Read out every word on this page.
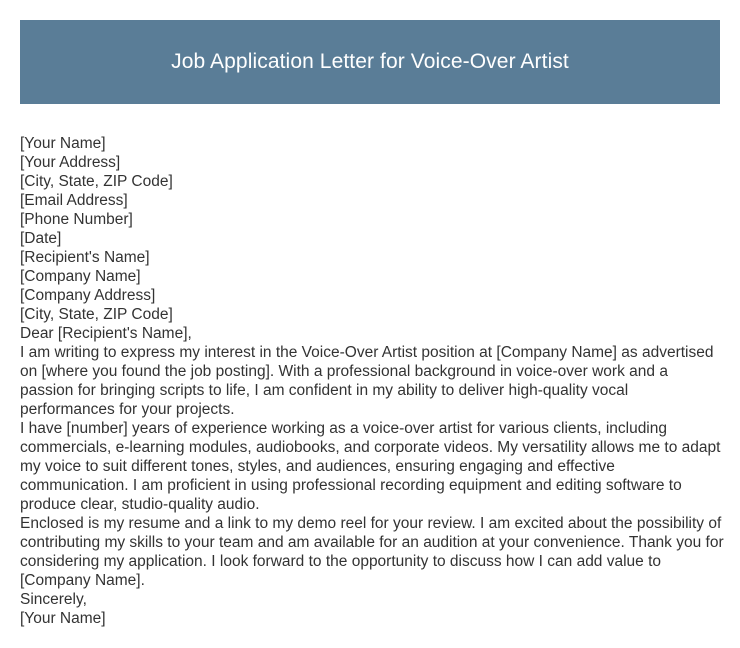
Job Application Letter for Voice-Over Artist
[Your Name]
[Your Address]
[City, State, ZIP Code]
[Email Address]
[Phone Number]
[Date]
[Recipient's Name]
[Company Name]
[Company Address]
[City, State, ZIP Code]
Dear [Recipient's Name],
I am writing to express my interest in the Voice-Over Artist position at [Company Name] as advertised on [where you found the job posting]. With a professional background in voice-over work and a passion for bringing scripts to life, I am confident in my ability to deliver high-quality vocal performances for your projects.
I have [number] years of experience working as a voice-over artist for various clients, including commercials, e-learning modules, audiobooks, and corporate videos. My versatility allows me to adapt my voice to suit different tones, styles, and audiences, ensuring engaging and effective communication. I am proficient in using professional recording equipment and editing software to produce clear, studio-quality audio.
Enclosed is my resume and a link to my demo reel for your review. I am excited about the possibility of contributing my skills to your team and am available for an audition at your convenience. Thank you for considering my application. I look forward to the opportunity to discuss how I can add value to [Company Name].
Sincerely,
[Your Name]
